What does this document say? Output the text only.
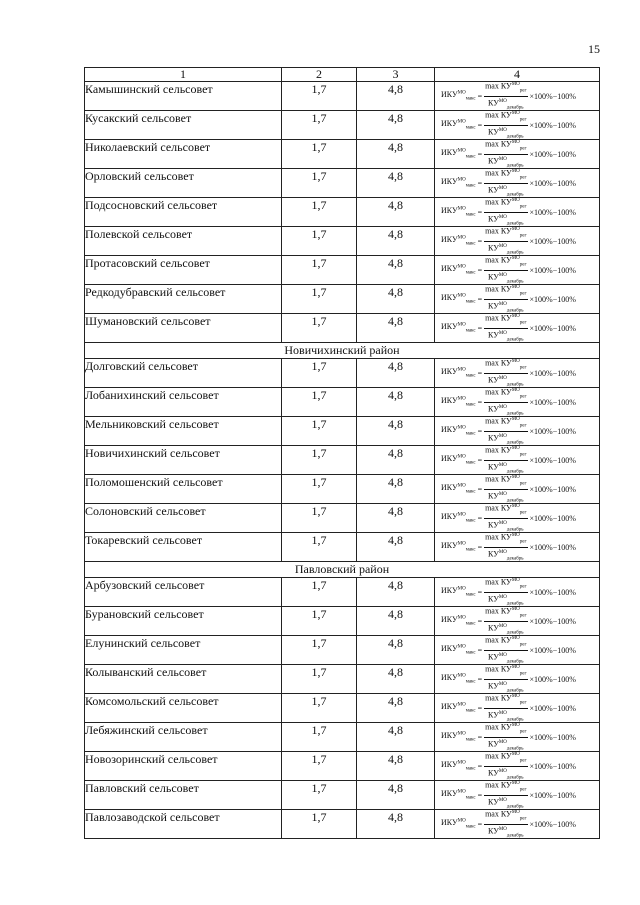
15
1	2	3	4
Камышинский сельсовет	1,7	4,8	$ИКУ^{МО}_{макс} = \frac{\max КУ^{МО}_{рег}}{КУ^{МО}_{декабрь}} \times 100\%-100\%$

Кусакский сельсовет	1,7	4,8	$ИКУ^{МО}_{макс} = \frac{\max КУ^{МО}_{рег}}{КУ^{МО}_{декабрь}} \times 100\%-100\%$

Николаевский сельсовет	1,7	4,8	$ИКУ^{МО}_{макс} = \frac{\max КУ^{МО}_{рег}}{КУ^{МО}_{декабрь}} \times 100\%-100\%$

Орловский сельсовет	1,7	4,8	$ИКУ^{МО}_{макс} = \frac{\max КУ^{МО}_{рег}}{КУ^{МО}_{декабрь}} \times 100\%-100\%$

Подсосновский сельсовет	1,7	4,8	$ИКУ^{МО}_{макс} = \frac{\max КУ^{МО}_{рег}}{КУ^{МО}_{декабрь}} \times 100\%-100\%$

Полевской сельсовет	1,7	4,8	$ИКУ^{МО}_{макс} = \frac{\max КУ^{МО}_{рег}}{КУ^{МО}_{декабрь}} \times 100\%-100\%$

Протасовский сельсовет	1,7	4,8	$ИКУ^{МО}_{макс} = \frac{\max КУ^{МО}_{рег}}{КУ^{МО}_{декабрь}} \times 100\%-100\%$

Редкодубравский сельсовет	1,7	4,8	$ИКУ^{МО}_{макс} = \frac{\max КУ^{МО}_{рег}}{КУ^{МО}_{декабрь}} \times 100\%-100\%$

Шумановский сельсовет	1,7	4,8	$ИКУ^{МО}_{макс} = \frac{\max КУ^{МО}_{рег}}{КУ^{МО}_{декабрь}} \times 100\%-100\%$

Новичихинский район			
Долговский сельсовет	1,7	4,8	$ИКУ^{МО}_{макс} = \frac{\max КУ^{МО}_{рег}}{КУ^{МО}_{декабрь}} \times 100\%-100\%$

Лобанихинский сельсовет	1,7	4,8	$ИКУ^{МО}_{макс} = \frac{\max КУ^{МО}_{рег}}{КУ^{МО}_{декабрь}} \times 100\%-100\%$

Мельниковский сельсовет	1,7	4,8	$ИКУ^{МО}_{макс} = \frac{\max КУ^{МО}_{рег}}{КУ^{МО}_{декабрь}} \times 100\%-100\%$

Новичихинский сельсовет	1,7	4,8	$ИКУ^{МО}_{макс} = \frac{\max КУ^{МО}_{рег}}{КУ^{МО}_{декабрь}} \times 100\%-100\%$

Поломошенский сельсовет	1,7	4,8	$ИКУ^{МО}_{макс} = \frac{\max КУ^{МО}_{рег}}{КУ^{МО}_{декабрь}} \times 100\%-100\%$

Солоновский сельсовет	1,7	4,8	$ИКУ^{МО}_{макс} = \frac{\max КУ^{МО}_{рег}}{КУ^{МО}_{декабрь}} \times 100\%-100\%$

Токаревский сельсовет	1,7	4,8	$ИКУ^{МО}_{макс} = \frac{\max КУ^{МО}_{рег}}{КУ^{МО}_{декабрь}} \times 100\%-100\%$

Павловский район			
Арбузовский сельсовет	1,7	4,8	$ИКУ^{МО}_{макс} = \frac{\max КУ^{МО}_{рег}}{КУ^{МО}_{декабрь}} \times 100\%-100\%$

Бурановский сельсовет	1,7	4,8	$ИКУ^{МО}_{макс} = \frac{\max КУ^{МО}_{рег}}{КУ^{МО}_{декабрь}} \times 100\%-100\%$

Елунинский сельсовет	1,7	4,8	$ИКУ^{МО}_{макс} = \frac{\max КУ^{МО}_{рег}}{КУ^{МО}_{декабрь}} \times 100\%-100\%$

Колыванский сельсовет	1,7	4,8	$ИКУ^{МО}_{макс} = \frac{\max КУ^{МО}_{рег}}{КУ^{МО}_{декабрь}} \times 100\%-100\%$

Комсомольский сельсовет	1,7	4,8	$ИКУ^{МО}_{макс} = \frac{\max КУ^{МО}_{рег}}{КУ^{МО}_{декабрь}} \times 100\%-100\%$

Лебяжинский сельсовет	1,7	4,8	$ИКУ^{МО}_{макс} = \frac{\max КУ^{МО}_{рег}}{КУ^{МО}_{декабрь}} \times 100\%-100\%$

Новозоринский сельсовет	1,7	4,8	$ИКУ^{МО}_{макс} = \frac{\max КУ^{МО}_{рег}}{КУ^{МО}_{декабрь}} \times 100\%-100\%$

Павловский сельсовет	1,7	4,8	$ИКУ^{МО}_{макс} = \frac{\max КУ^{МО}_{рег}}{КУ^{МО}_{декабрь}} \times 100\%-100\%$

Павлозаводской сельсовет	1,7	4,8	$ИКУ^{МО}_{макс} = \frac{\max КУ^{МО}_{рег}}{КУ^{МО}_{декабрь}} \times 100\%-100\%$
